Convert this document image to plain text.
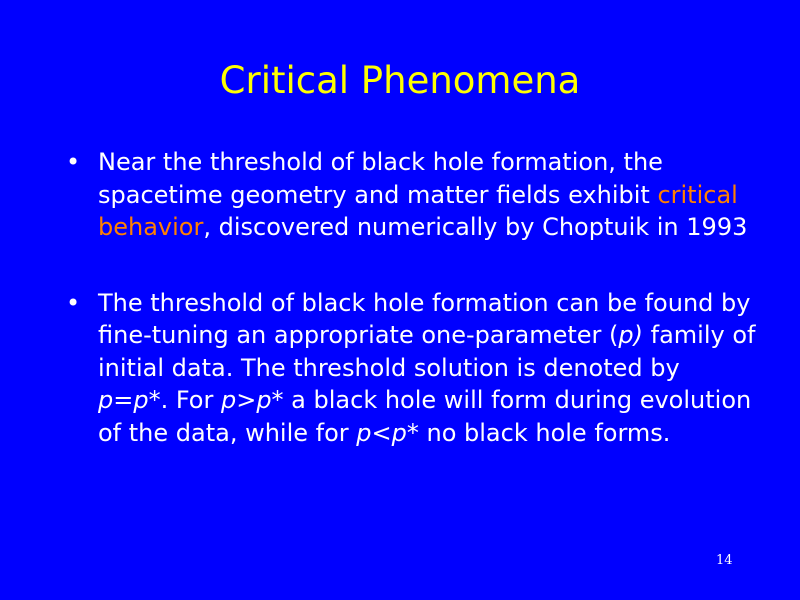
Critical Phenomena
• Near the threshold of black hole formation, the spacetime geometry and matter fields exhibit critical behavior, discovered numerically by Choptuik in 1993
• The threshold of black hole formation can be found by fine-tuning an appropriate one-parameter (p) family of initial data. The threshold solution is denoted by p=p*. For p>p* a black hole will form during evolution of the data, while for p<p* no black hole forms.
14
